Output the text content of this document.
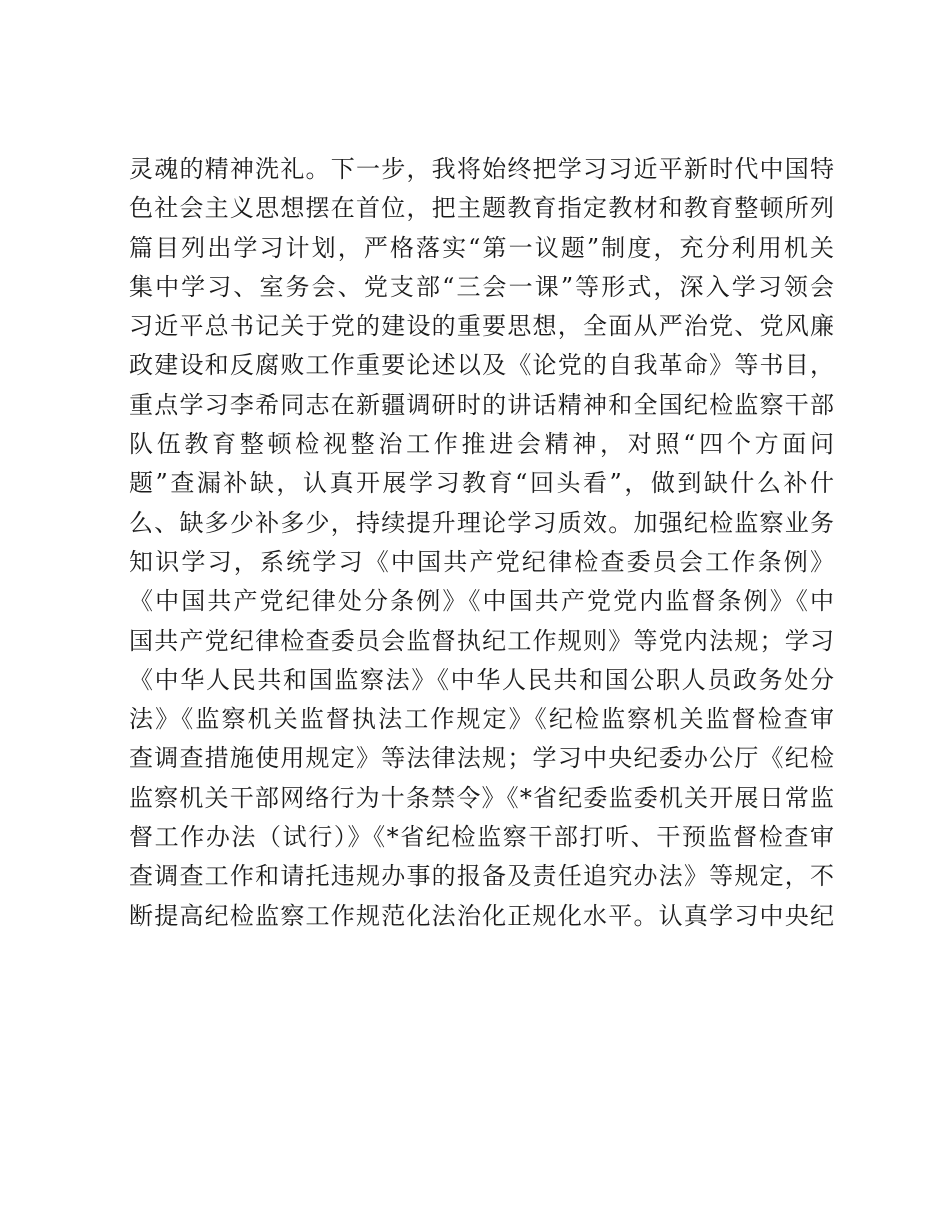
灵魂的精神洗礼。下一步，我将始终把学习习近平新时代中国特
色社会主义思想摆在首位，把主题教育指定教材和教育整顿所列
篇目列出学习计划，严格落实“第一议题”制度，充分利用机关
集中学习、室务会、党支部“三会一课”等形式，深入学习领会
习近平总书记关于党的建设的重要思想，全面从严治党、党风廉
政建设和反腐败工作重要论述以及《论党的自我革命》等书目，
重点学习李希同志在新疆调研时的讲话精神和全国纪检监察干部
队伍教育整顿检视整治工作推进会精神，对照“四个方面问
题”查漏补缺，认真开展学习教育“回头看”，做到缺什么补什
么、缺多少补多少，持续提升理论学习质效。加强纪检监察业务
知识学习，系统学习《中国共产党纪律检查委员会工作条例》
《中国共产党纪律处分条例》《中国共产党党内监督条例》《中
国共产党纪律检查委员会监督执纪工作规则》等党内法规；学习
《中华人民共和国监察法》《中华人民共和国公职人员政务处分
法》《监察机关监督执法工作规定》《纪检监察机关监督检查审
查调查措施使用规定》等法律法规；学习中央纪委办公厅《纪检
监察机关干部网络行为十条禁令》《*省纪委监委机关开展日常监
督工作办法（试行）》《*省纪检监察干部打听、干预监督检查审
查调查工作和请托违规办事的报备及责任追究办法》等规定，不
断提高纪检监察工作规范化法治化正规化水平。认真学习中央纪
